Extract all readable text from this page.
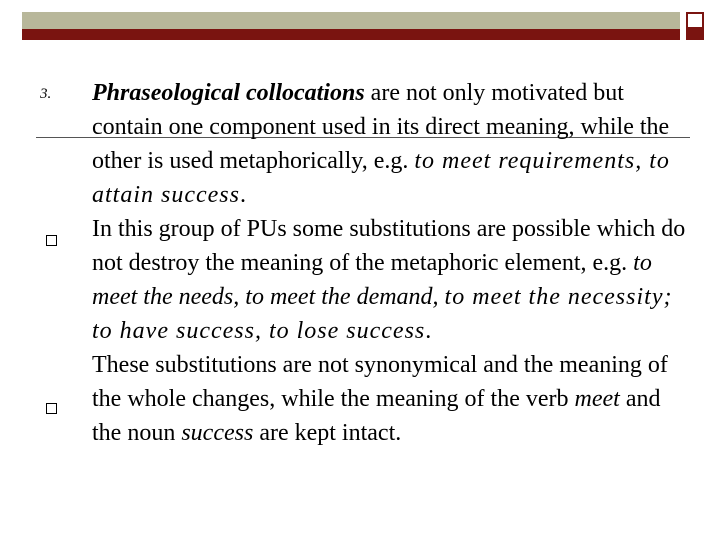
3. Phraseological collocations are not only motivated but contain one component used in its direct meaning, while the other is used metaphorically, e.g. to meet requirements, to attain success.

In this group of PUs some substitutions are possible which do not destroy the meaning of the metaphoric element, e.g. to meet the needs, to meet the demand, to meet the necessity; to have success, to lose success.

These substitutions are not synonymical and the meaning of the whole changes, while the meaning of the verb meet and the noun success are kept intact.
